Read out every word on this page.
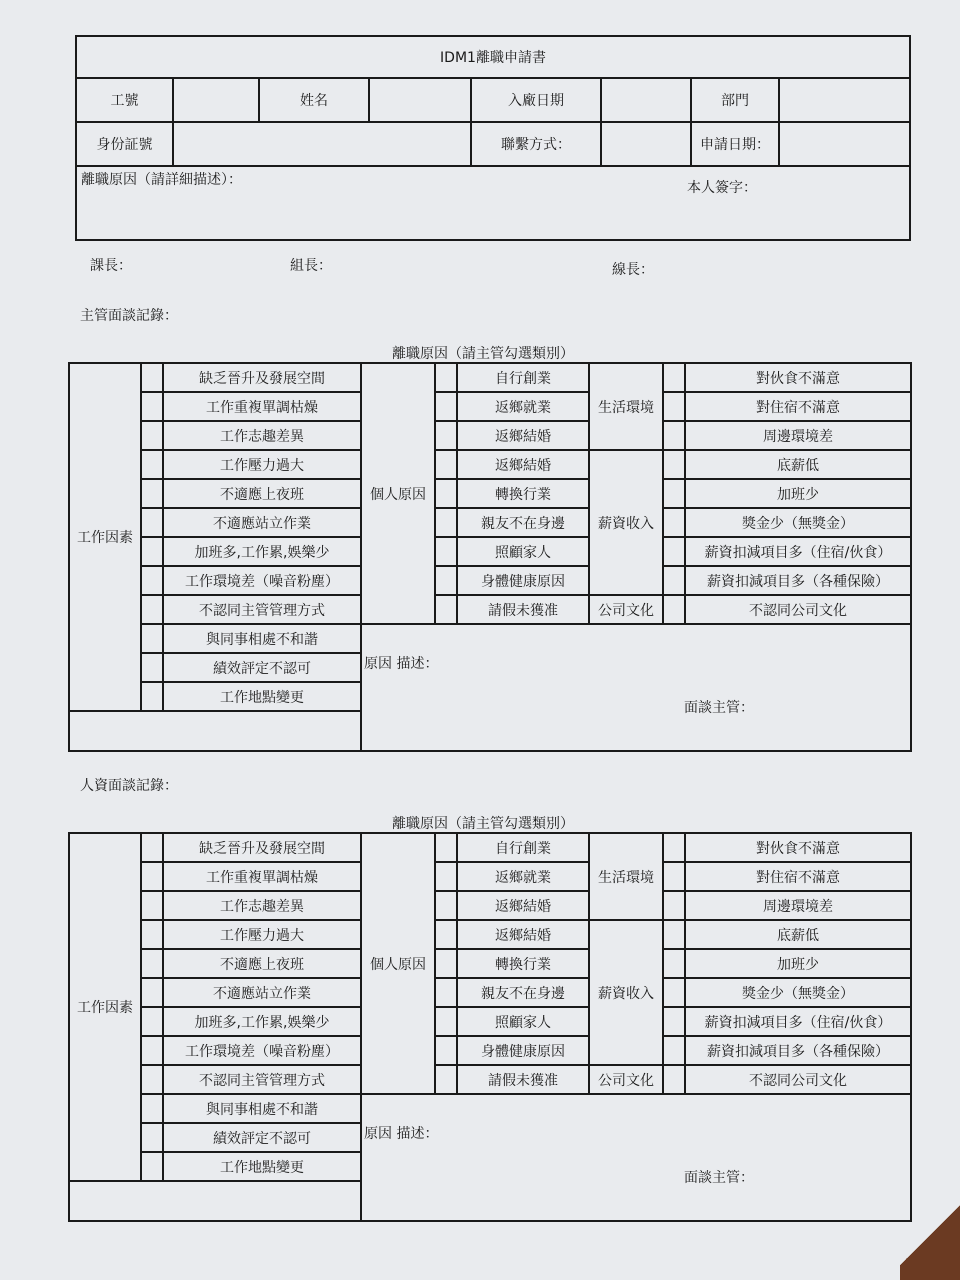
IDM1離職申請書							
工號		姓名		入廠日期		部門	
身份証號				聯繫方式：		申請日期：	

離職原因（請詳細描述）： 本人簽字：							
課長：	組長：	線長：
主管面談記錄：
離職原因（請主管勾選類別）
工作因素		缺乏晉升及發展空間	個人原因		自行創業	生活環境		對伙食不滿意
		工作重複單調枯燥			返鄉就業			對住宿不滿意
		工作志趣差異			返鄉結婚			周邊環境差
		工作壓力過大			返鄉結婚	薪資收入		底薪低
		不適應上夜班			轉換行業			加班少
		不適應站立作業			親友不在身邊			獎金少（無獎金）
		加班多,工作累,娛樂少			照顧家人			薪資扣減項目多（住宿/伙食）
		工作環境差（噪音粉塵）			身體健康原因			薪資扣減項目多（各種保險）
		不認同主管管理方式			請假未獲准	公司文化		不認同公司文化
		與同事相處不和諧	原因 描述：
面談主管：					

		績效評定不認可						
		工作地點變更						

人資面談記錄：
離職原因（請主管勾選類別）
工作因素		缺乏晉升及發展空間	個人原因		自行創業	生活環境		對伙食不滿意
		工作重複單調枯燥			返鄉就業			對住宿不滿意
		工作志趣差異			返鄉結婚			周邊環境差
		工作壓力過大			返鄉結婚	薪資收入		底薪低
		不適應上夜班			轉換行業			加班少
		不適應站立作業			親友不在身邊			獎金少（無獎金）
		加班多,工作累,娛樂少			照顧家人			薪資扣減項目多（住宿/伙食）
		工作環境差（噪音粉塵）			身體健康原因			薪資扣減項目多（各種保險）
		不認同主管管理方式			請假未獲准	公司文化		不認同公司文化
		與同事相處不和諧	原因 描述：
面談主管：					

		績效評定不認可						
		工作地點變更						
